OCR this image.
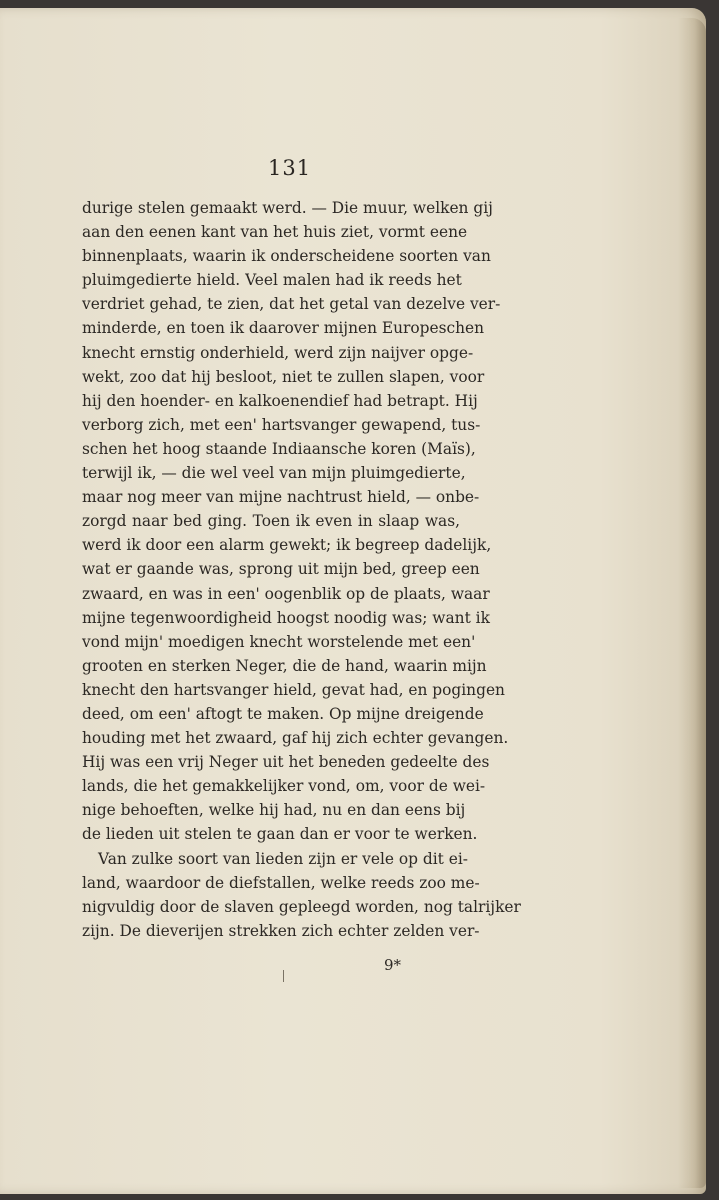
131
durige stelen gemaakt werd. — Die muur, welken gij
aan den eenen kant van het huis ziet, vormt eene
binnenplaats, waarin ik onderscheidene soorten van
pluimgedierte hield. Veel malen had ik reeds het
verdriet gehad, te zien, dat het getal van dezelve ver-
minderde, en toen ik daarover mijnen Europeschen
knecht ernstig onderhield, werd zijn naijver opge-
wekt, zoo dat hij besloot, niet te zullen slapen, voor
hij den hoender- en kalkoenendief had betrapt. Hij
verborg zich, met een' hartsvanger gewapend, tus-
schen het hoog staande Indiaansche koren (Maïs),
terwijl ik, — die wel veel van mijn pluimgedierte,
maar nog meer van mijne nachtrust hield, — onbe-
zorgd naar bed ging. Toen ik even in slaap was,
werd ik door een alarm gewekt; ik begreep dadelijk,
wat er gaande was, sprong uit mijn bed, greep een
zwaard, en was in een' oogenblik op de plaats, waar
mijne tegenwoordigheid hoogst noodig was; want ik
vond mijn' moedigen knecht worstelende met een'
grooten en sterken Neger, die de hand, waarin mijn
knecht den hartsvanger hield, gevat had, en pogingen
deed, om een' aftogt te maken. Op mijne dreigende
houding met het zwaard, gaf hij zich echter gevangen.
Hij was een vrij Neger uit het beneden gedeelte des
lands, die het gemakkelijker vond, om, voor de wei-
nige behoeften, welke hij had, nu en dan eens bij
de lieden uit stelen te gaan dan er voor te werken.
Van zulke soort van lieden zijn er vele op dit ei-
land, waardoor de diefstallen, welke reeds zoo me-
nigvuldig door de slaven gepleegd worden, nog talrijker
zijn. De dieverijen strekken zich echter zelden ver-
9*
